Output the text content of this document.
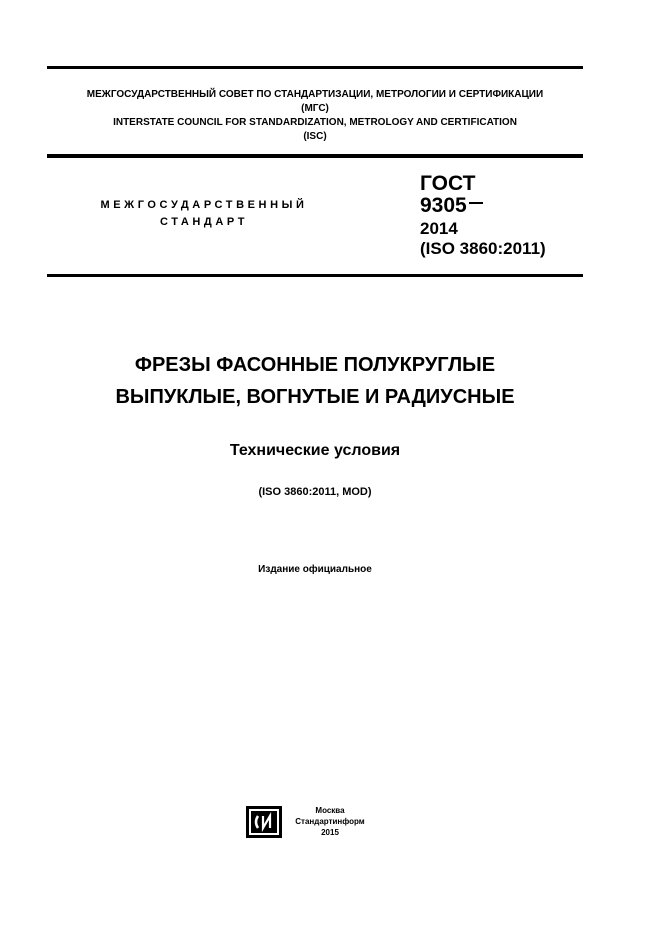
МЕЖГОСУДАРСТВЕННЫЙ СОВЕТ ПО СТАНДАРТИЗАЦИИ, МЕТРОЛОГИИ И СЕРТИФИКАЦИИ
(МГС)
INTERSTATE COUNCIL FOR STANDARDIZATION, METROLOGY AND CERTIFICATION
(ISC)
МЕЖГОСУДАРСТВЕННЫЙ
СТАНДАРТ
ГОСТ
9305
2014
(ISO 3860:2011)
ФРЕЗЫ ФАСОННЫЕ ПОЛУКРУГЛЫЕ
ВЫПУКЛЫЕ, ВОГНУТЫЕ И РАДИУСНЫЕ
Технические условия
(ISO 3860:2011, MOD)
Издание официальное
Москва
Стандартинформ
2015
